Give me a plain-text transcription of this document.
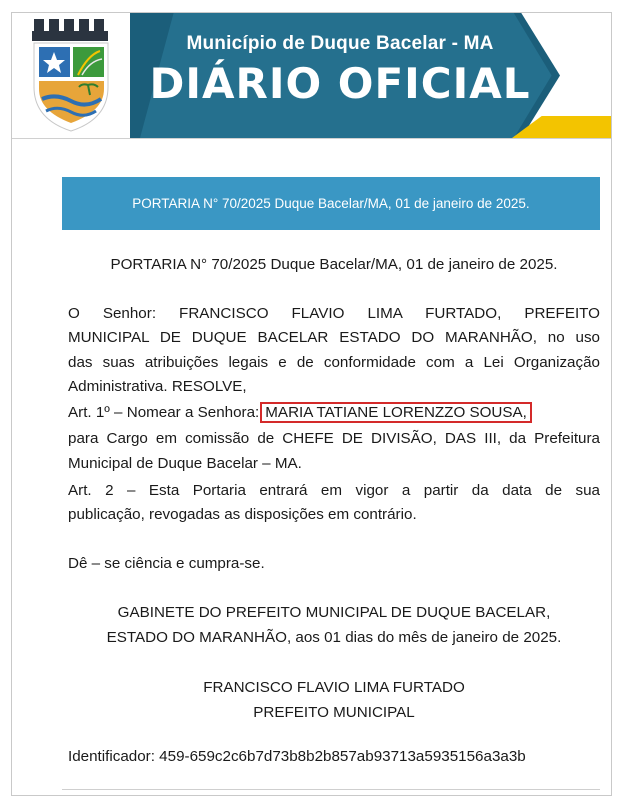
Município de Duque Bacelar - MA
DIÁRIO OFICIAL
PORTARIA N° 70/2025 Duque Bacelar/MA, 01 de janeiro de 2025.
PORTARIA N° 70/2025 Duque Bacelar/MA, 01 de janeiro de 2025.
O Senhor: FRANCISCO FLAVIO LIMA FURTADO, PREFEITO
MUNICIPAL DE DUQUE BACELAR ESTADO DO MARANHÃO, no uso
das suas atribuições legais e de conformidade com a Lei Organização
Administrativa. RESOLVE,
Art. 1º – Nomear a Senhora: MARIA TATIANE LORENZZO SOUSA,
para Cargo em comissão de CHEFE DE DIVISÃO, DAS III, da Prefeitura
Municipal de Duque Bacelar – MA.
Art. 2 – Esta Portaria entrará em vigor a partir da data de sua
publicação, revogadas as disposições em contrário.
Dê – se ciência e cumpra-se.
GABINETE DO PREFEITO MUNICIPAL DE DUQUE BACELAR,
ESTADO DO MARANHÃO, aos 01 dias do mês de janeiro de 2025.
FRANCISCO FLAVIO LIMA FURTADO
PREFEITO MUNICIPAL
Identificador: 459-659c2c6b7d73b8b2b857ab93713a5935156a3a3b
